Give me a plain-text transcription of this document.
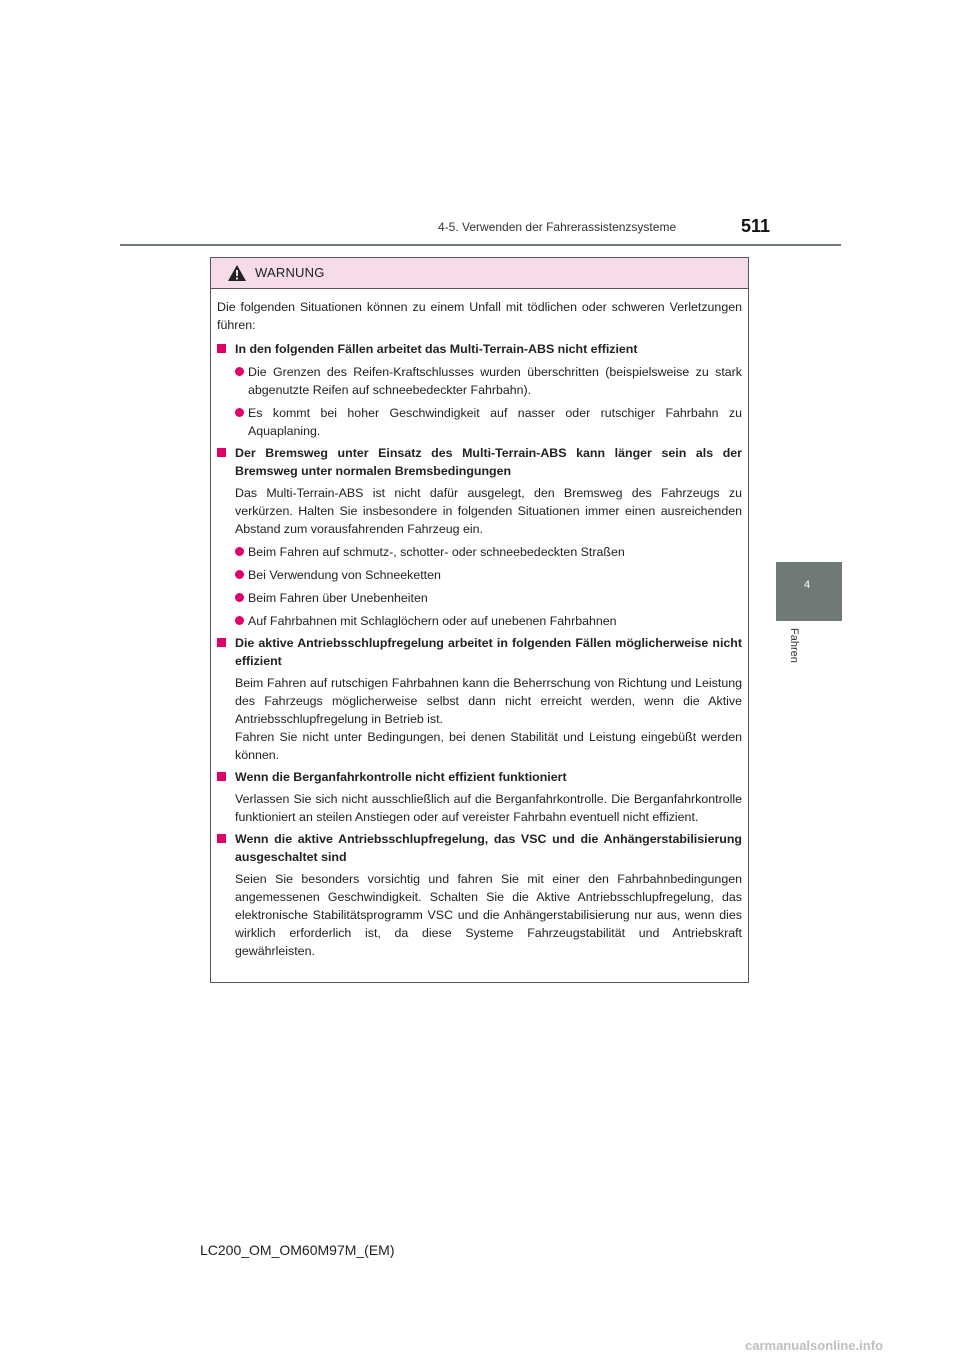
4-5. Verwenden der Fahrerassistenzsysteme	511
4
Fahren
WARNUNG

Die folgenden Situationen können zu einem Unfall mit tödlichen oder schweren Verletzungen führen:

In den folgenden Fällen arbeitet das Multi-Terrain-ABS nicht effizient

Die Grenzen des Reifen-Kraftschlusses wurden überschritten (beispielsweise zu stark abgenutzte Reifen auf schneebedeckter Fahrbahn).

Es kommt bei hoher Geschwindigkeit auf nasser oder rutschiger Fahrbahn zu Aquaplaning.

Der Bremsweg unter Einsatz des Multi-Terrain-ABS kann länger sein als der Bremsweg unter normalen Bremsbedingungen

Das Multi-Terrain-ABS ist nicht dafür ausgelegt, den Bremsweg des Fahrzeugs zu verkürzen. Halten Sie insbesondere in folgenden Situationen immer einen ausreichenden Abstand zum vorausfahrenden Fahrzeug ein.

Beim Fahren auf schmutz-, schotter- oder schneebedeckten Straßen

Bei Verwendung von Schneeketten

Beim Fahren über Unebenheiten

Auf Fahrbahnen mit Schlaglöchern oder auf unebenen Fahrbahnen

Die aktive Antriebsschlupfregelung arbeitet in folgenden Fällen möglicherweise nicht effizient

Beim Fahren auf rutschigen Fahrbahnen kann die Beherrschung von Richtung und Leistung des Fahrzeugs möglicherweise selbst dann nicht erreicht werden, wenn die Aktive Antriebsschlupfregelung in Betrieb ist.
Fahren Sie nicht unter Bedingungen, bei denen Stabilität und Leistung eingebüßt werden können.

Wenn die Berganfahrkontrolle nicht effizient funktioniert

Verlassen Sie sich nicht ausschließlich auf die Berganfahrkontrolle. Die Berganfahrkontrolle funktioniert an steilen Anstiegen oder auf vereister Fahrbahn eventuell nicht effizient.

Wenn die aktive Antriebsschlupfregelung, das VSC und die Anhängerstabilisierung ausgeschaltet sind

Seien Sie besonders vorsichtig und fahren Sie mit einer den Fahrbahnbedingungen angemessenen Geschwindigkeit. Schalten Sie die Aktive Antriebsschlupfregelung, das elektronische Stabilitätsprogramm VSC und die Anhängerstabilisierung nur aus, wenn dies wirklich erforderlich ist, da diese Systeme Fahrzeugstabilität und Antriebskraft gewährleisten.

LC200_OM_OM60M97M_(EM)
carmanualsonline.info
